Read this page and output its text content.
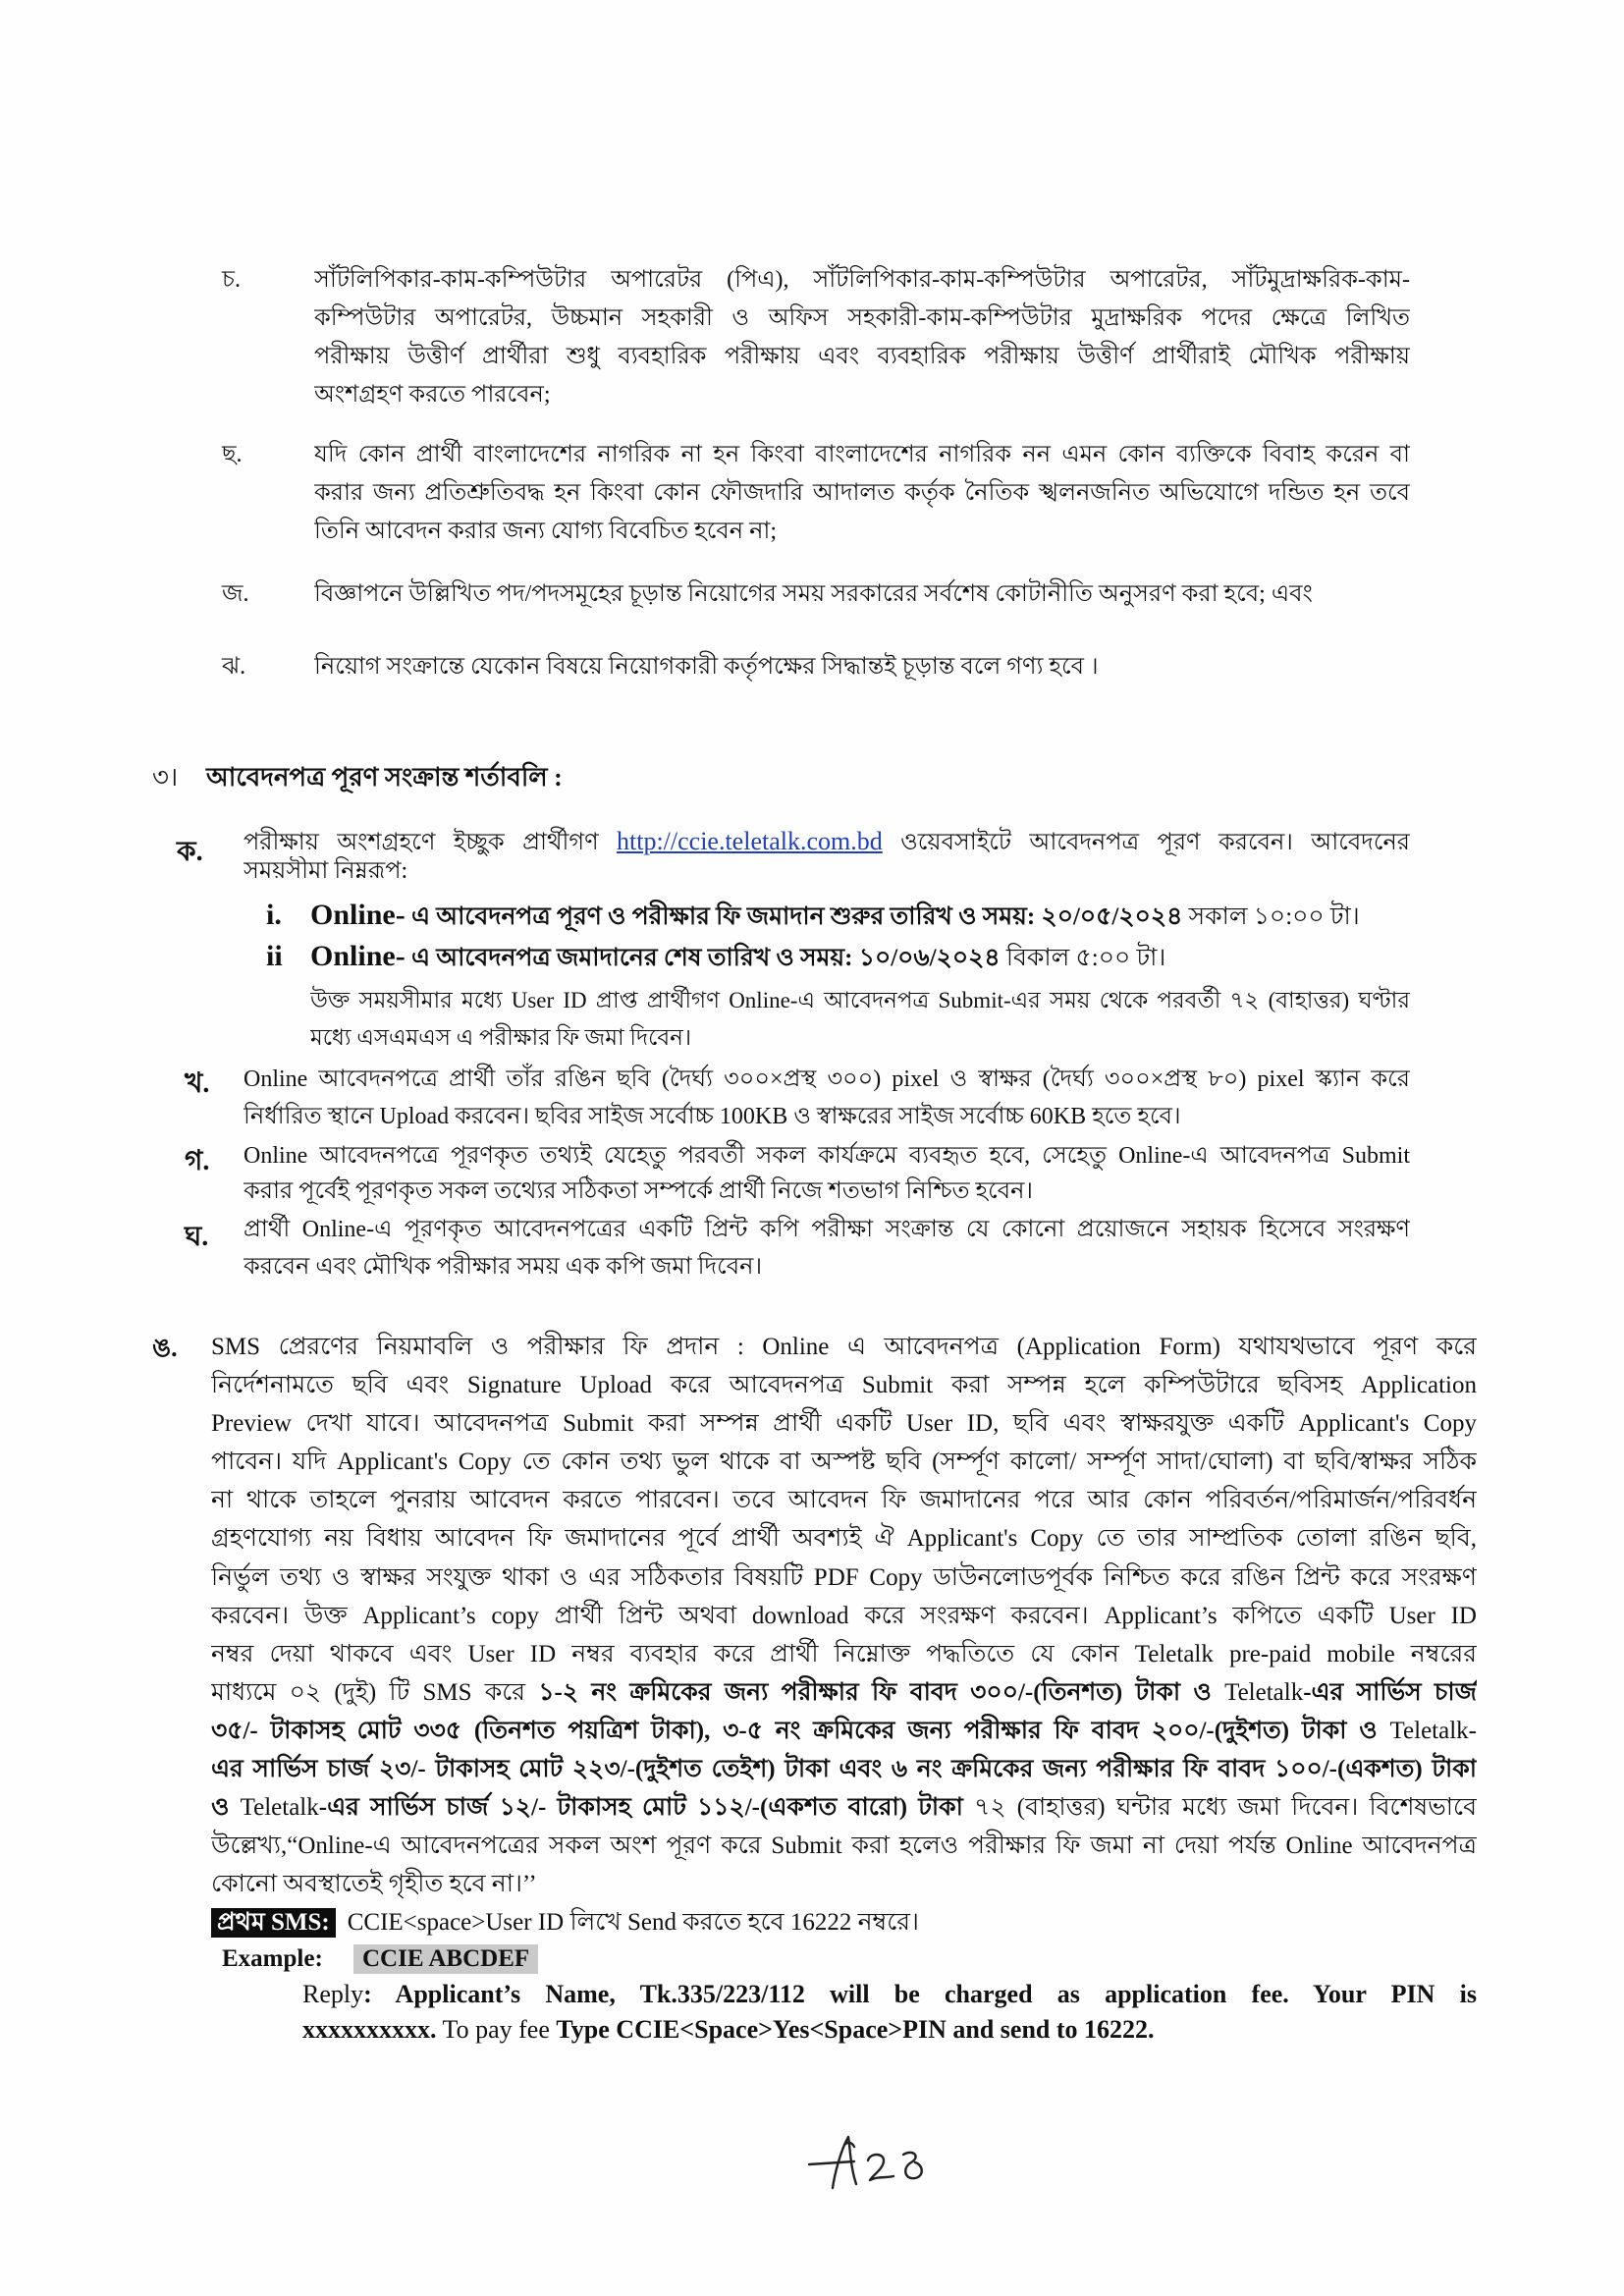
চ.	সাঁটলিপিকার-কাম-কম্পিউটার অপারেটর (পিএ), সাঁটলিপিকার-কাম-কম্পিউটার অপারেটর, সাঁটমুদ্রাক্ষরিক-কাম-
কম্পিউটার অপারেটর, উচ্চমান সহকারী ও অফিস সহকারী-কাম-কম্পিউটার মুদ্রাক্ষরিক পদের ক্ষেত্রে লিখিত
পরীক্ষায় উত্তীর্ণ প্রার্থীরা শুধু ব্যবহারিক পরীক্ষায় এবং ব্যবহারিক পরীক্ষায় উত্তীর্ণ প্রার্থীরাই মৌখিক পরীক্ষায়
অংশগ্রহণ করতে পারবেন;
ছ.	যদি কোন প্রার্থী বাংলাদেশের নাগরিক না হন কিংবা বাংলাদেশের নাগরিক নন এমন কোন ব্যক্তিকে বিবাহ করেন বা
করার জন্য প্রতিশ্রুতিবদ্ধ হন কিংবা কোন ফৌজদারি আদালত কর্তৃক নৈতিক স্খলনজনিত অভিযোগে দন্ডিত হন তবে
তিনি আবেদন করার জন্য যোগ্য বিবেচিত হবেন না;
জ.	বিজ্ঞাপনে উল্লিখিত পদ/পদসমূহের চূড়ান্ত নিয়োগের সময় সরকারের সর্বশেষ কোটানীতি অনুসরণ করা হবে; এবং
ঝ.	নিয়োগ সংক্রান্তে যেকোন বিষয়ে নিয়োগকারী কর্তৃপক্ষের সিদ্ধান্তই চূড়ান্ত বলে গণ্য হবে ।
৩। আবেদনপত্র পূরণ সংক্রান্ত শর্তাবলি :
ক. পরীক্ষায় অংশগ্রহণে ইচ্ছুক প্রার্থীগণ http://ccie.teletalk.com.bd ওয়েবসাইটে আবেদনপত্র পূরণ করবেন। আবেদনের
সময়সীমা নিম্নরূপ:
i. Online- এ আবেদনপত্র পূরণ ও পরীক্ষার ফি জমাদান শুরুর তারিখ ও সময়: ২০/০৫/২০২৪ সকাল ১০:০০ টা।
ii Online- এ আবেদনপত্র জমাদানের শেষ তারিখ ও সময়: ১০/০৬/২০২৪ বিকাল ৫:০০ টা।
উক্ত সময়সীমার মধ্যে User ID প্রাপ্ত প্রার্থীগণ Online-এ আবেদনপত্র Submit-এর সময় থেকে পরবর্তী ৭২ (বাহাত্তর) ঘণ্টার
মধ্যে এসএমএস এ পরীক্ষার ফি জমা দিবেন।
খ. Online আবেদনপত্রে প্রার্থী তাঁর রঙিন ছবি (দৈর্ঘ্য ৩০০×প্রস্থ ৩০০) pixel ও স্বাক্ষর (দৈর্ঘ্য ৩০০×প্রস্থ ৮০) pixel স্ক্যান করে
নির্ধারিত স্থানে Upload করবেন। ছবির সাইজ সর্বোচ্চ 100KB ও স্বাক্ষরের সাইজ সর্বোচ্চ 60KB হতে হবে।
গ. Online আবেদনপত্রে পূরণকৃত তথ্যই যেহেতু পরবর্তী সকল কার্যক্রমে ব্যবহৃত হবে, সেহেতু Online-এ আবেদনপত্র Submit
করার পূর্বেই পূরণকৃত সকল তথ্যের সঠিকতা সম্পর্কে প্রার্থী নিজে শতভাগ নিশ্চিত হবেন।
ঘ. প্রার্থী Online-এ পূরণকৃত আবেদনপত্রের একটি প্রিন্ট কপি পরীক্ষা সংক্রান্ত যে কোনো প্রয়োজনে সহায়ক হিসেবে সংরক্ষণ
করবেন এবং মৌখিক পরীক্ষার সময় এক কপি জমা দিবেন।
ঙ. SMS প্রেরণের নিয়মাবলি ও পরীক্ষার ফি প্রদান : Online এ আবেদনপত্র (Application Form) যথাযথভাবে পূরণ করে
নির্দেশনামতে ছবি এবং Signature Upload করে আবেদনপত্র Submit করা সম্পন্ন হলে কম্পিউটারে ছবিসহ Application
Preview দেখা যাবে। আবেদনপত্র Submit করা সম্পন্ন প্রার্থী একটি User ID, ছবি এবং স্বাক্ষরযুক্ত একটি Applicant's Copy
পাবেন। যদি Applicant's Copy তে কোন তথ্য ভুল থাকে বা অস্পষ্ট ছবি (সর্ম্পূণ কালো/ সর্ম্পূণ সাদা/ঘোলা) বা ছবি/স্বাক্ষর সঠিক
না থাকে তাহলে পুনরায় আবেদন করতে পারবেন। তবে আবেদন ফি জমাদানের পরে আর কোন পরিবর্তন/পরিমার্জন/পরিবর্ধন
গ্রহণযোগ্য নয় বিধায় আবেদন ফি জমাদানের পূর্বে প্রার্থী অবশ্যই ঐ Applicant's Copy তে তার সাম্প্রতিক তোলা রঙিন ছবি,
নির্ভুল তথ্য ও স্বাক্ষর সংযুক্ত থাকা ও এর সঠিকতার বিষয়টি PDF Copy ডাউনলোডপূর্বক নিশ্চিত করে রঙিন প্রিন্ট করে সংরক্ষণ
করবেন। উক্ত Applicant’s copy প্রার্থী প্রিন্ট অথবা download করে সংরক্ষণ করবেন। Applicant’s কপিতে একটি User ID
নম্বর দেয়া থাকবে এবং User ID নম্বর ব্যবহার করে প্রার্থী নিম্নোক্ত পদ্ধতিতে যে কোন Teletalk pre-paid mobile নম্বরের
মাধ্যমে ০২ (দুই) টি SMS করে ১-২ নং ক্রমিকের জন্য পরীক্ষার ফি বাবদ ৩০০/-(তিনশত) টাকা ও Teletalk-এর সার্ভিস চার্জ
৩৫/- টাকাসহ মোট ৩৩৫ (তিনশত পয়ত্রিশ টাকা), ৩-৫ নং ক্রমিকের জন্য পরীক্ষার ফি বাবদ ২০০/-(দুইশত) টাকা ও Teletalk-
এর সার্ভিস চার্জ ২৩/- টাকাসহ মোট ২২৩/-(দুইশত তেইশ) টাকা এবং ৬ নং ক্রমিকের জন্য পরীক্ষার ফি বাবদ ১০০/-(একশত) টাকা
ও Teletalk-এর সার্ভিস চার্জ ১২/- টাকাসহ মোট ১১২/-(একশত বারো) টাকা ৭২ (বাহাত্তর) ঘন্টার মধ্যে জমা দিবেন। বিশেষভাবে
উল্লেখ্য,“Online-এ আবেদনপত্রের সকল অংশ পূরণ করে Submit করা হলেও পরীক্ষার ফি জমা না দেয়া পর্যন্ত Online আবেদনপত্র
কোনো অবস্থাতেই গৃহীত হবে না।’’
প্রথম SMS: CCIE<space>User ID লিখে Send করতে হবে 16222 নম্বরে।
Example: CCIE ABCDEF
Reply: Applicant’s Name, Tk.335/223/112 will be charged as application fee. Your PIN is
xxxxxxxxxx. To pay fee Type CCIE<Space>Yes<Space>PIN and send to 16222.
